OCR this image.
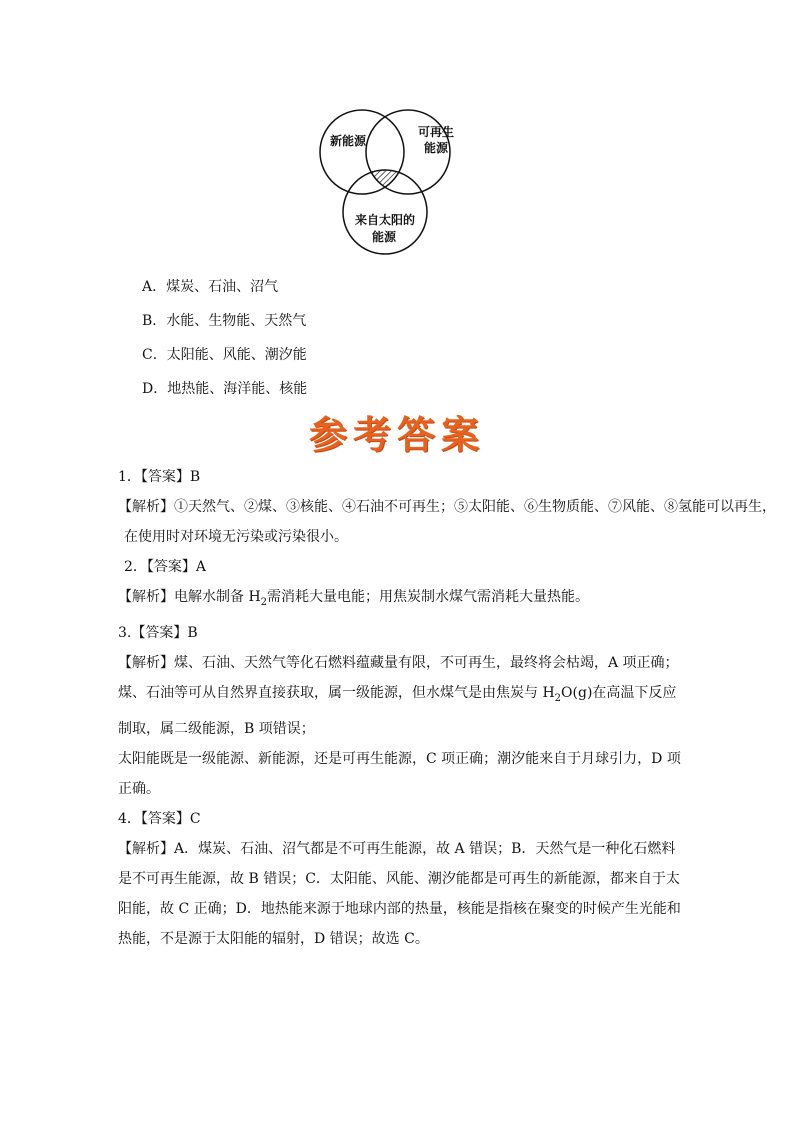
新能源
可再生
能源
来自太阳的
能源
A．煤炭、石油、沼气
B．水能、生物能、天然气
C．太阳能、风能、潮汐能
D．地热能、海洋能、核能
参考答案
1．【答案】B
【解析】①天然气、②煤、③核能、④石油不可再生；⑤太阳能、⑥生物质能、⑦风能、⑧氢能可以再生，
在使用时对环境无污染或污染很小。
2．【答案】A
【解析】电解水制备 $H_2$需消耗大量电能；用焦炭制水煤气需消耗大量热能。
3.【答案】B
【解析】煤、石油、天然气等化石燃料蕴藏量有限，不可再生，最终将会枯竭，A 项正确；
煤、石油等可从自然界直接获取，属一级能源，但水煤气是由焦炭与 $H_2O(g)$在高温下反应
制取，属二级能源，B 项错误；
太阳能既是一级能源、新能源，还是可再生能源，C 项正确；潮汐能来自于月球引力，D 项
正确。
4．【答案】C
【解析】A．煤炭、石油、沼气都是不可再生能源，故 A 错误；B．天然气是一种化石燃料
是不可再生能源，故 B 错误；C．太阳能、风能、潮汐能都是可再生的新能源，都来自于太
阳能，故 C 正确；D．地热能来源于地球内部的热量，核能是指核在聚变的时候产生光能和
热能，不是源于太阳能的辐射，D 错误；故选 C。
